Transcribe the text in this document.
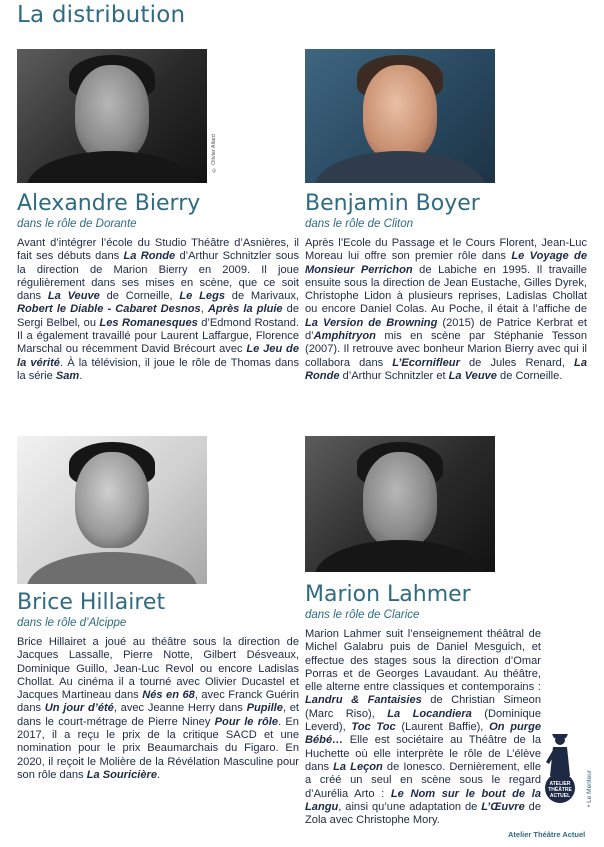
La distribution
© Olivier Allard
Alexandre Bierry

dans le rôle de Dorante

Avant d’intégrer l’école du Studio Théâtre d’Asnières, il fait ses débuts dans La Ronde d’Arthur Schnitzler sous la direction de Marion Bierry en 2009. Il joue régulièrement dans ses mises en scène, que ce soit dans La Veuve de Corneille, Le Legs de Marivaux, Robert le Diable - Cabaret Desnos, Après la pluie de Sergi Belbel, ou Les Romanesques d’Edmond Rostand. Il a également travaillé pour Laurent Laffargue, Florence Marschal ou récemment David Brécourt avec Le Jeu de la vérité. À la télévision, il joue le rôle de Thomas dans la série Sam.

Benjamin Boyer

dans le rôle de Cliton

Après l’Ecole du Passage et le Cours Florent, Jean-Luc Moreau lui offre son premier rôle dans Le Voyage de Monsieur Perrichon de Labiche en 1995. Il travaille ensuite sous la direction de Jean Eustache, Gilles Dyrek, Christophe Lidon à plusieurs reprises, Ladislas Chollat ou encore Daniel Colas. Au Poche, il était à l’affiche de La Version de Browning (2015) de Patrice Kerbrat et d’Amphitryon mis en scène par Stéphanie Tesson (2007). Il retrouve avec bonheur Marion Bierry avec qui il collabora dans L’Ecornifleur de Jules Renard, La Ronde d’Arthur Schnitzler et La Veuve de Corneille.

Brice Hillairet

dans le rôle d’Alcippe

Brice Hillairet a joué au théâtre sous la direction de Jacques Lassalle, Pierre Notte, Gilbert Désveaux, Dominique Guillo, Jean-Luc Revol ou encore Ladislas Chollat. Au cinéma il a tourné avec Olivier Ducastel et Jacques Martineau dans Nés en 68, avec Franck Guérin dans Un jour d’été, avec Jeanne Herry dans Pupille, et dans le court-métrage de Pierre Niney Pour le rôle. En 2017, il a reçu le prix de la critique SACD et une nomination pour le prix Beaumarchais du Figaro. En 2020, il reçoit le Molière de la Révélation Masculine pour son rôle dans La Souricière.

Marion Lahmer

dans le rôle de Clarice

Marion Lahmer suit l’enseignement théâtral de Michel Galabru puis de Daniel Mesguich, et effectue des stages sous la direction d’Omar Porras et de Georges Lavaudant. Au théâtre, elle alterne entre classiques et contemporains : Landru & Fantaisies de Christian Simeon (Marc Riso), La Locandiera (Dominique Leverd), Toc Toc (Laurent Baffie), On purge Bébé… Elle est sociétaire au Théâtre de la Huchette où elle interprète le rôle de L’élève dans La Leçon de Ionesco. Dernièrement, elle a créé un seul en scène sous le regard d’Aurélia Arto : Le Nom sur le bout de la Langu, ainsi qu’une adaptation de L’Œuvre de Zola avec Christophe Mory.

ATELIER
THÉÂTRE
ACTUEL

Atelier Théâtre Actuel

• Le Menteur
